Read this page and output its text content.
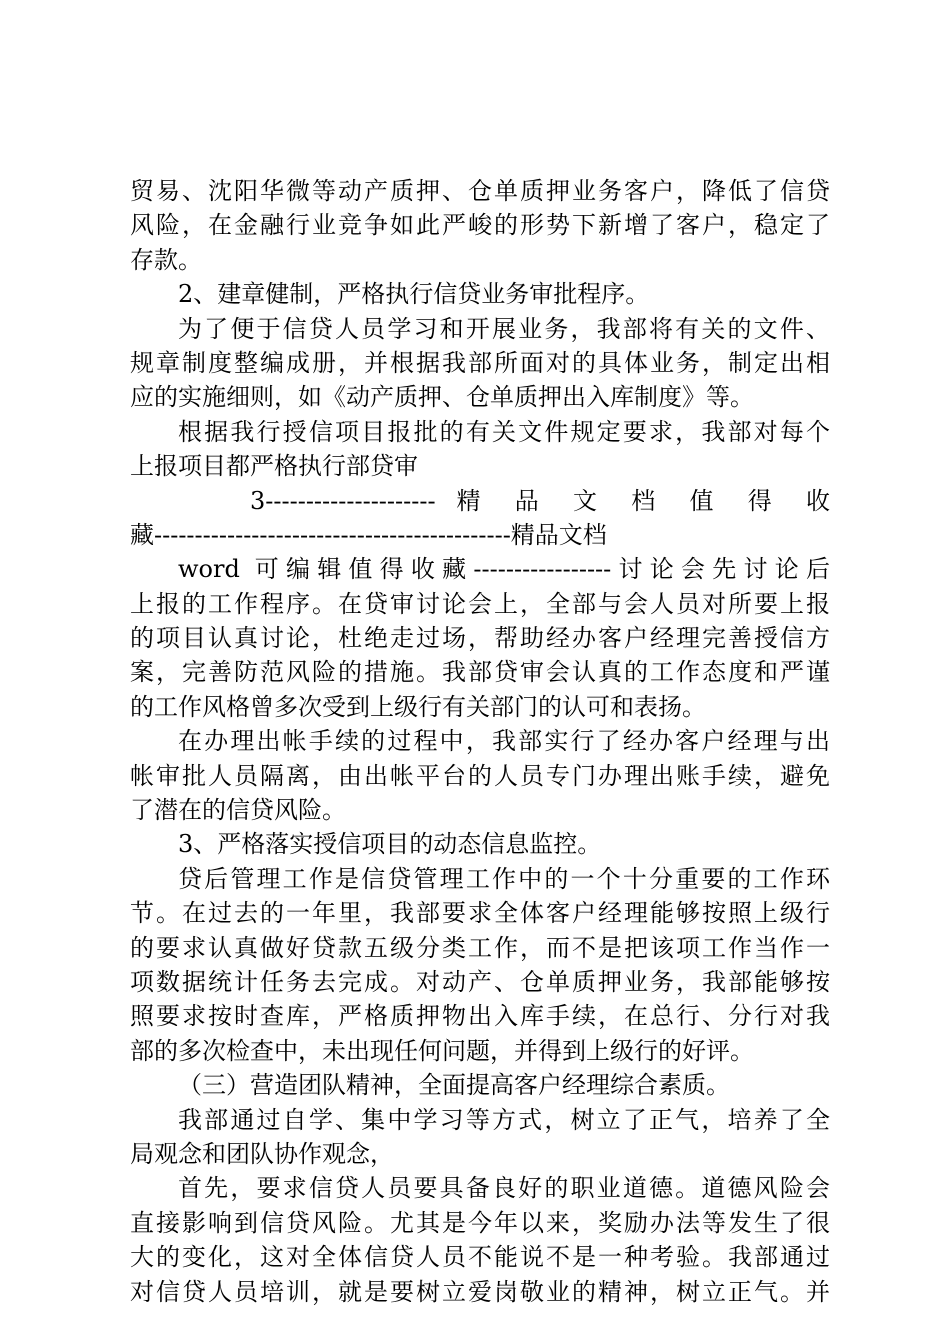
贸易、沈阳华微等动产质押、仓单质押业务客户，降低了信贷
风险，在金融行业竞争如此严峻的形势下新增了客户，稳定了
存款。
2、建章健制，严格执行信贷业务审批程序。
为了便于信贷人员学习和开展业务，我部将有关的文件、
规章制度整编成册，并根据我部所面对的具体业务，制定出相
应的实施细则，如《动产质押、仓单质押出入库制度》等。
根据我行授信项目报批的有关文件规定要求，我部对每个
上报项目都严格执行部贷审
3--------------------- 精 品 文 档 值 得 收
藏--------------------------------------------精品文档
word 可编辑值得收藏-----------------讨论会先讨论后
上报的工作程序。在贷审讨论会上，全部与会人员对所要上报
的项目认真讨论，杜绝走过场，帮助经办客户经理完善授信方
案，完善防范风险的措施。我部贷审会认真的工作态度和严谨
的工作风格曾多次受到上级行有关部门的认可和表扬。
在办理出帐手续的过程中，我部实行了经办客户经理与出
帐审批人员隔离，由出帐平台的人员专门办理出账手续，避免
了潜在的信贷风险。
3、严格落实授信项目的动态信息监控。
贷后管理工作是信贷管理工作中的一个十分重要的工作环
节。在过去的一年里，我部要求全体客户经理能够按照上级行
的要求认真做好贷款五级分类工作，而不是把该项工作当作一
项数据统计任务去完成。对动产、仓单质押业务，我部能够按
照要求按时查库，严格质押物出入库手续，在总行、分行对我
部的多次检查中，未出现任何问题，并得到上级行的好评。
（三）营造团队精神，全面提高客户经理综合素质。
我部通过自学、集中学习等方式，树立了正气，培养了全
局观念和团队协作观念，
首先，要求信贷人员要具备良好的职业道德。道德风险会
直接影响到信贷风险。尤其是今年以来，奖励办法等发生了很
大的变化，这对全体信贷人员不能说不是一种考验。我部通过
对信贷人员培训，就是要树立爱岗敬业的精神，树立正气。并
